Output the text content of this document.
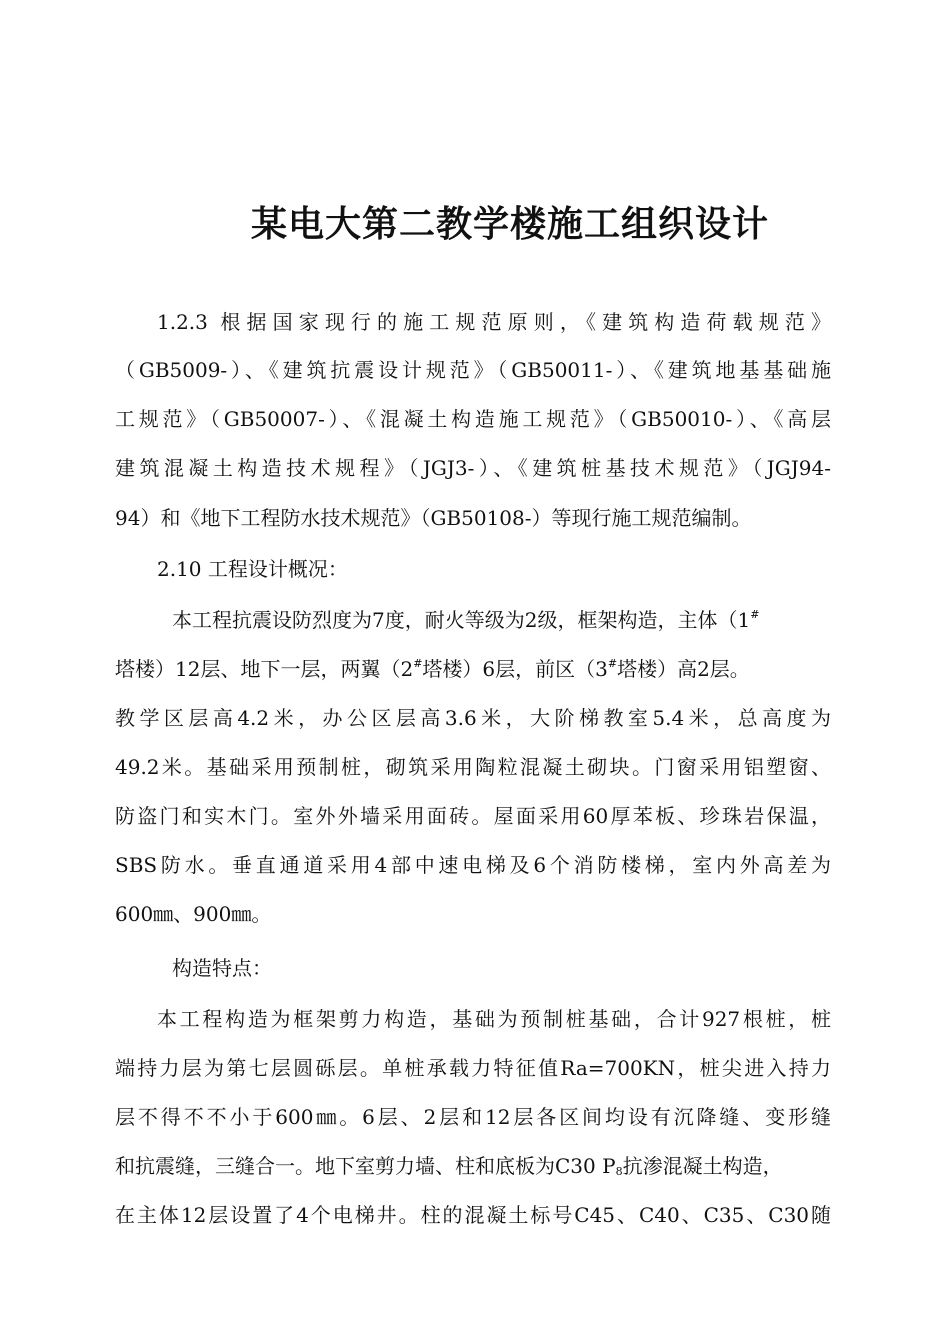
某电大第二教学楼施工组织设计
1.2.3 根据国家现行的施工规范原则，《建筑构造荷载规范》
（GB5009-）、《建筑抗震设计规范》（GB50011-）、《建筑地基基础施
工规范》（GB50007-）、《混凝土构造施工规范》（GB50010-）、《高层
建筑混凝土构造技术规程》（JGJ3-）、《建筑桩基技术规范》（JGJ94-
94）和《地下工程防水技术规范》（GB50108-）等现行施工规范编制。
2.10 工程设计概况：
本工程抗震设防烈度为7度，耐火等级为2级，框架构造，主体（1#
塔楼）12层、地下一层，两翼（2#塔楼）6层，前区（3#塔楼）高2层。
教学区层高4.2米，办公区层高3.6米，大阶梯教室5.4米，总高度为
49.2米。基础采用预制桩，砌筑采用陶粒混凝土砌块。门窗采用铝塑窗、
防盗门和实木门。室外外墙采用面砖。屋面采用60厚苯板、珍珠岩保温，
SBS防水。垂直通道采用4部中速电梯及6个消防楼梯，室内外高差为
600㎜、900㎜。
构造特点：
本工程构造为框架剪力构造，基础为预制桩基础，合计927根桩，桩
端持力层为第七层圆砾层。单桩承载力特征值Ra=700KN，桩尖进入持力
层不得不不小于600㎜。6层、2层和12层各区间均设有沉降缝、变形缝
和抗震缝，三缝合一。地下室剪力墙、柱和底板为C30 $P_8$抗渗混凝土构造，
在主体12层设置了4个电梯井。柱的混凝土标号C45、C40、C35、C30随
